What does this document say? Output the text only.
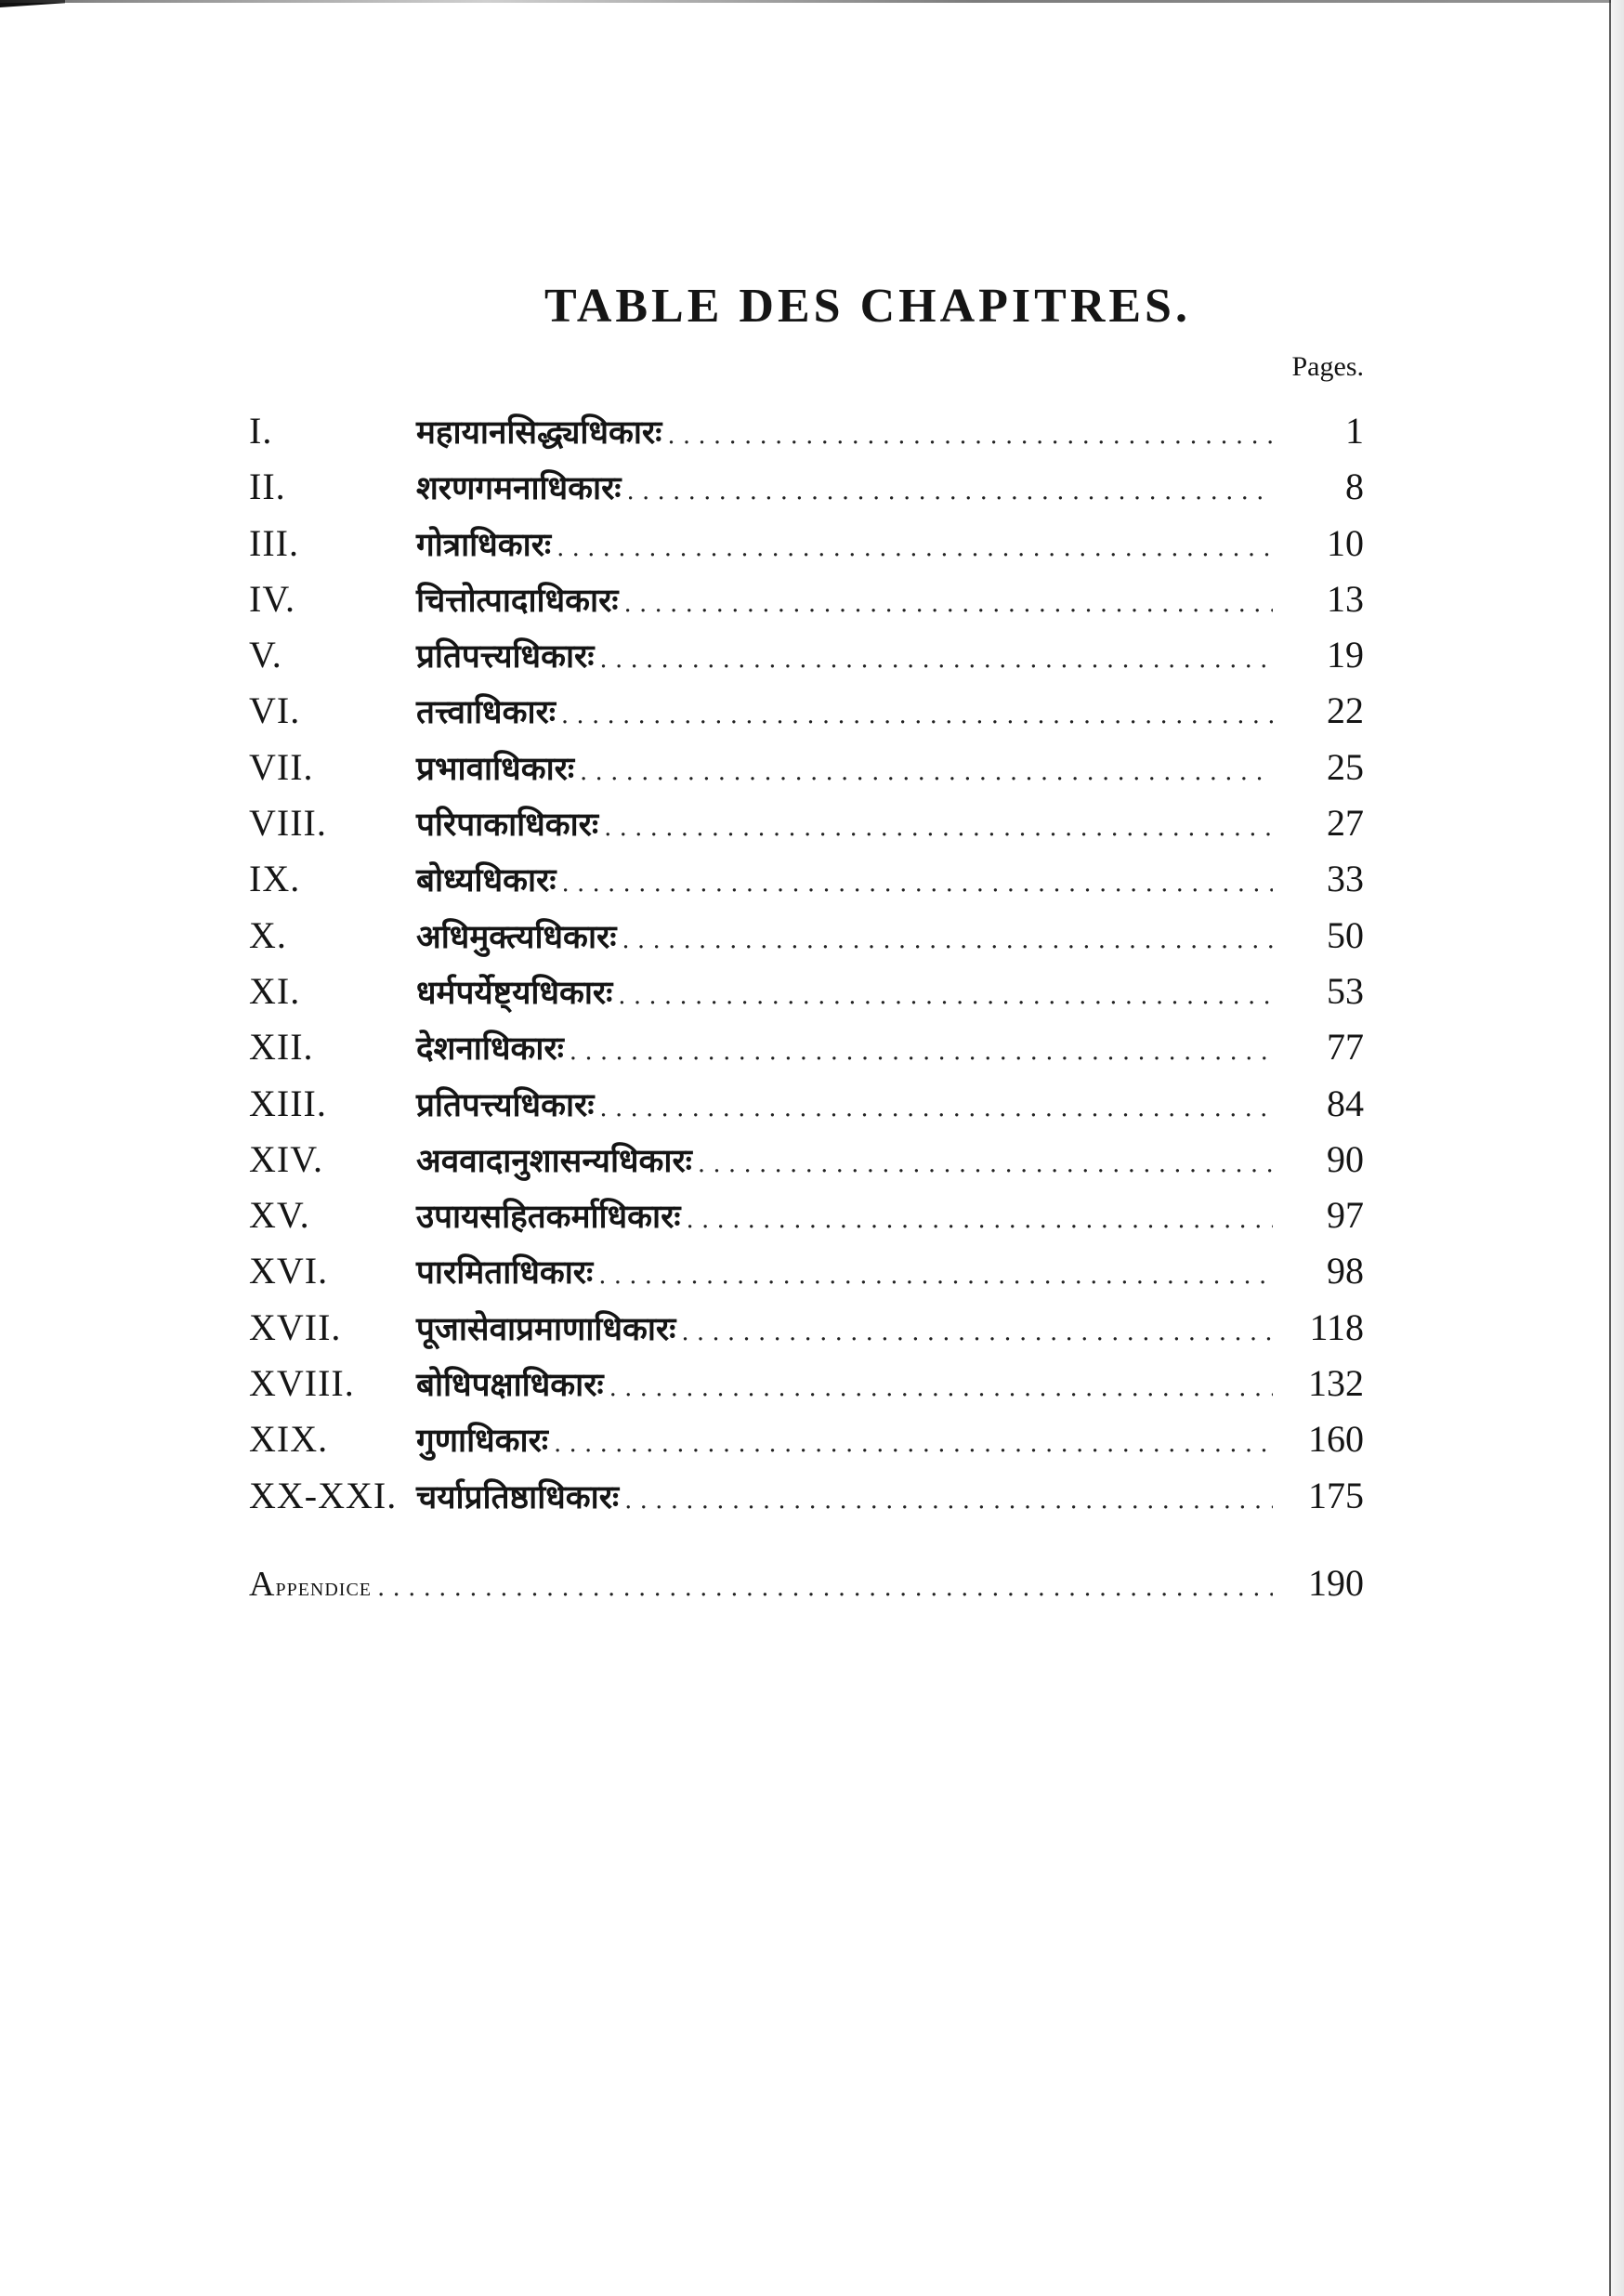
TABLE DES CHAPITRES.
Pages.
I.	महायानसिद्ध्यधिकारः . . .	1
II.	शरणगमनाधिकारः . . .	8
III.	गोत्राधिकारः . . .	10
IV.	चित्तोत्पादाधिकारः . . .	13
V.	प्रतिपत्त्यधिकारः . . .	19
VI.	तत्त्वाधिकारः . . .	22
VII.	प्रभावाधिकारः . . .	25
VIII.	परिपाकाधिकारः . . .	27
IX.	बोध्यधिकारः . . .	33
X.	अधिमुक्त्यधिकारः . . .	50
XI.	धर्मपर्येष्ट्यधिकारः . . .	53
XII.	देशनाधिकारः . . .	77
XIII.	प्रतिपत्त्यधिकारः . . .	84
XIV.	अववादानुशासन्यधिकारः . . .	90
XV.	उपायसहितकर्माधिकारः . . .	97
XVI.	पारमिताधिकारः . . .	98
XVII.	पूजासेवाप्रमाणाधिकारः . . .	118
XVIII.	बोधिपक्षाधिकारः . . .	132
XIX.	गुणाधिकारः . . .	160
XX-XXI. चर्याप्रतिष्ठाधिकारः . . .	175
Appendice . . .	190
